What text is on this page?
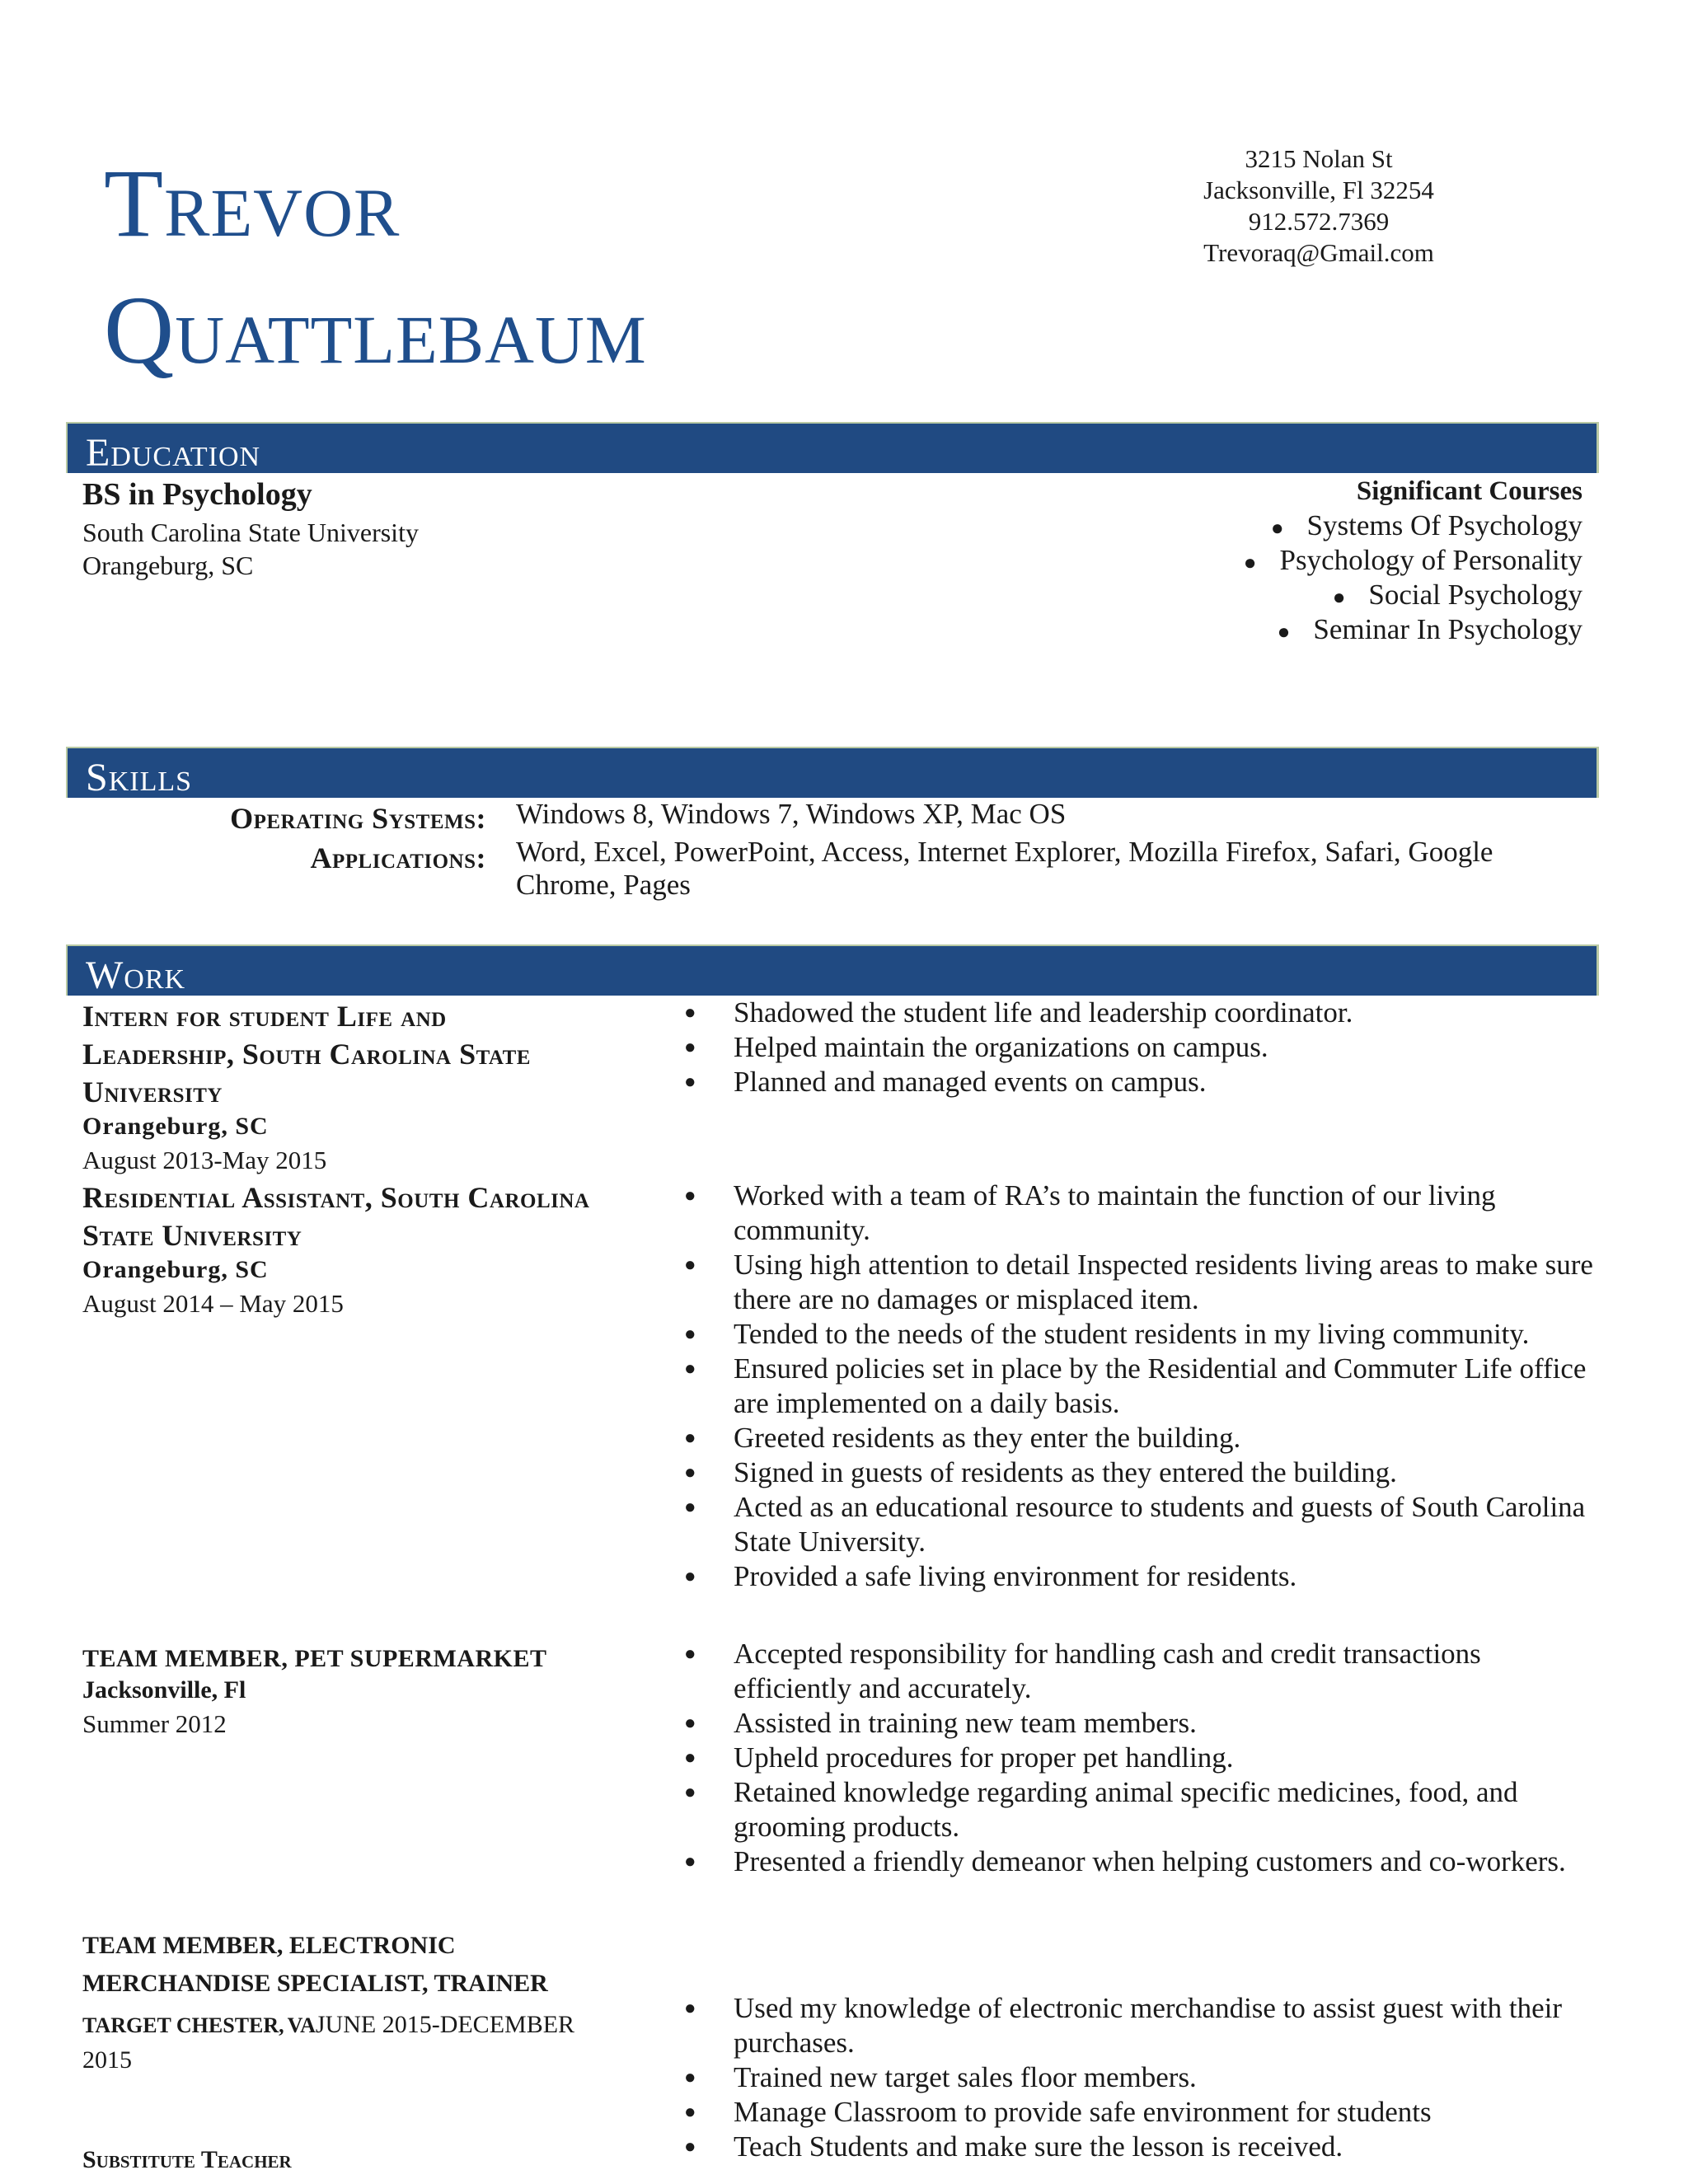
Trevor
Quattlebaum
3215 Nolan St
Jacksonville, Fl 32254
912.572.7369
Trevoraq@Gmail.com
Education
BS in Psychology
South Carolina State University
Orangeburg, SC
Significant Courses
● Systems Of Psychology
● Psychology of Personality
● Social Psychology
● Seminar In Psychology
Skills
Operating Systems: Windows 8, Windows 7, Windows XP, Mac OS
Applications: Word, Excel, PowerPoint, Access, Internet Explorer, Mozilla Firefox, Safari, Google Chrome, Pages
Work
Intern for student Life and Leadership, South Carolina State University
Orangeburg, SC
August 2013-May 2015
● Shadowed the student life and leadership coordinator.
● Helped maintain the organizations on campus.
● Planned and managed events on campus.
Residential Assistant, South Carolina State University
Orangeburg, SC
August 2014 – May 2015
● Worked with a team of RA’s to maintain the function of our living community.
● Using high attention to detail Inspected residents living areas to make sure there are no damages or misplaced item.
● Tended to the needs of the student residents in my living community.
● Ensured policies set in place by the Residential and Commuter Life office are implemented on a daily basis.
● Greeted residents as they enter the building.
● Signed in guests of residents as they entered the building.
● Acted as an educational resource to students and guests of South Carolina State University.
● Provided a safe living environment for residents.
TEAM MEMBER, PET SUPERMARKET
Jacksonville, Fl
Summer 2012
● Accepted responsibility for handling cash and credit transactions efficiently and accurately.
● Assisted in training new team members.
● Upheld procedures for proper pet handling.
● Retained knowledge regarding animal specific medicines, food, and grooming products.
● Presented a friendly demeanor when helping customers and co-workers.
TEAM MEMBER, ELECTRONIC
MERCHANDISE SPECIALIST, TRAINER
TARGET CHESTER, VAJUNE 2015-DECEMBER 2015
● Used my knowledge of electronic merchandise to assist guest with their purchases.
● Trained new target sales floor members.
● Manage Classroom to provide safe environment for students
● Teach Students and make sure the lesson is received.
Substitute Teacher
